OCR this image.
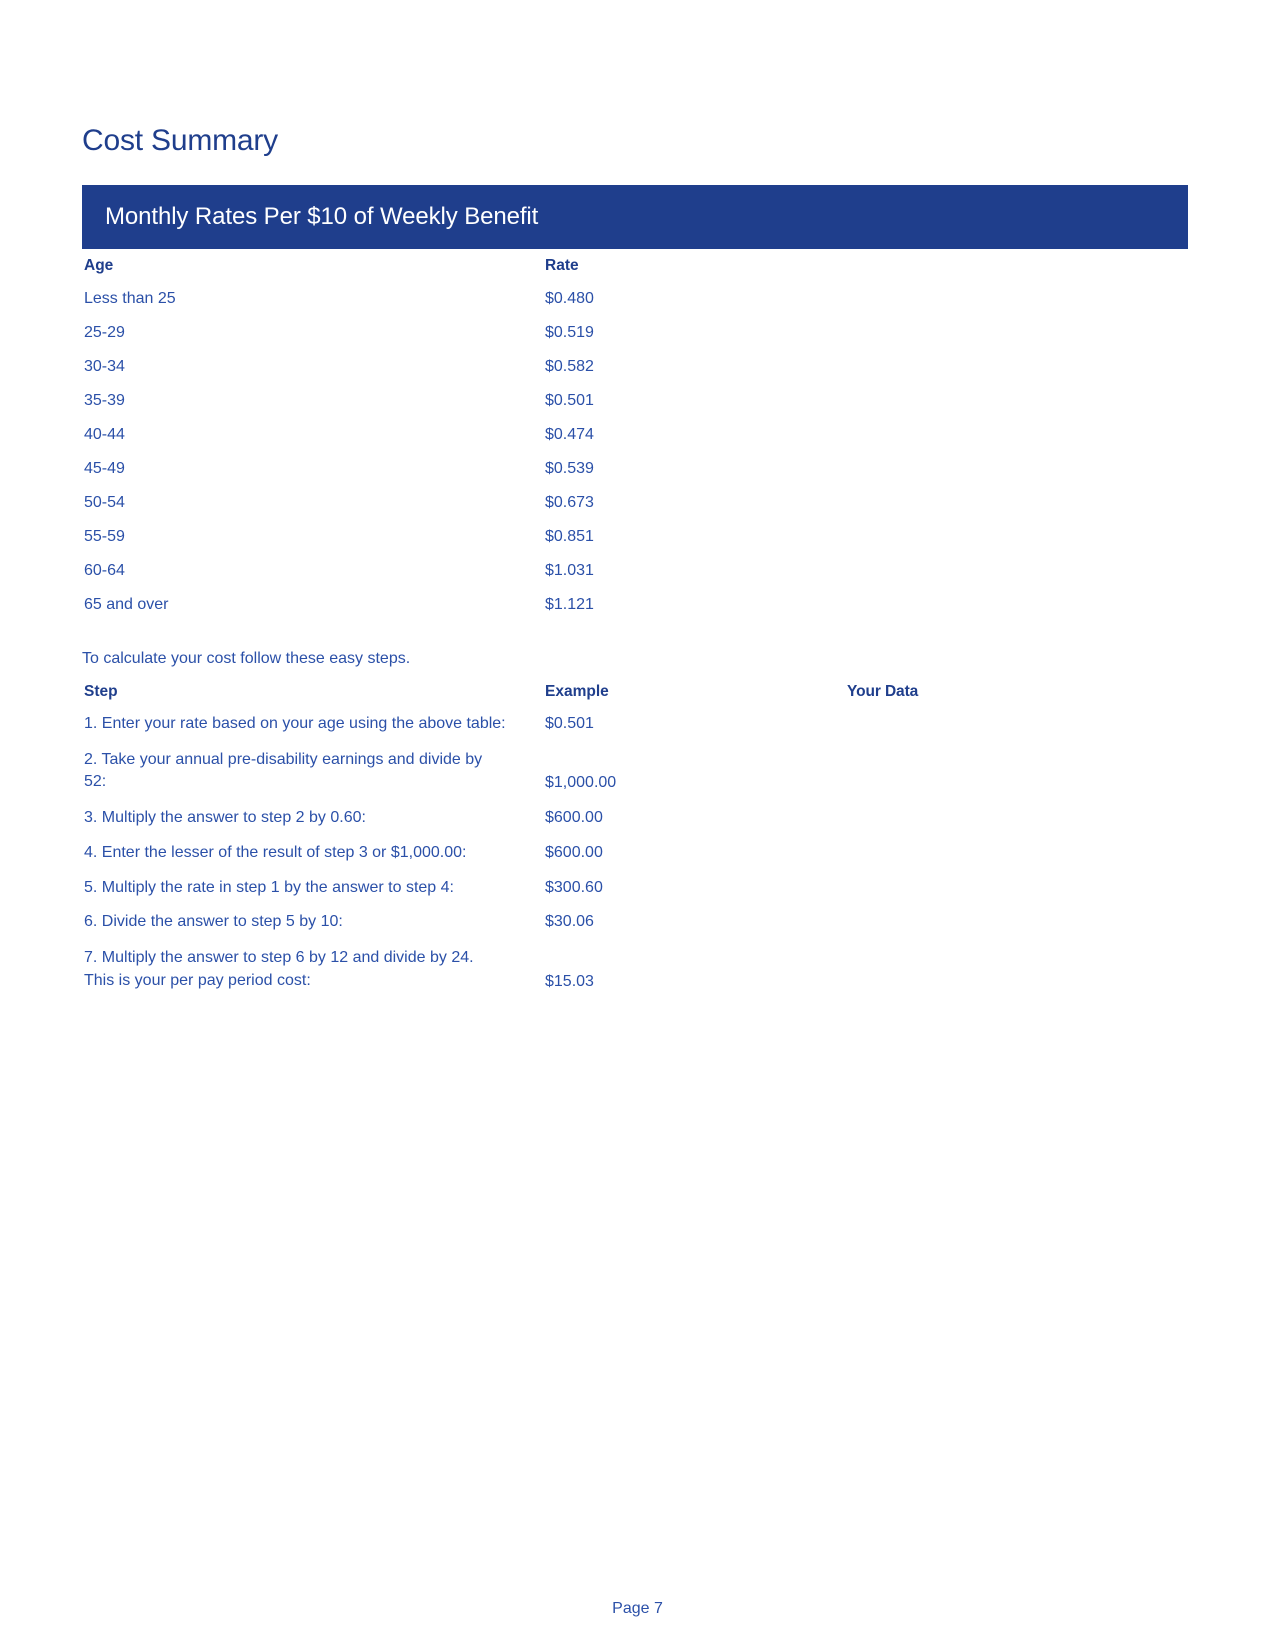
Cost Summary
Monthly Rates Per $10 of Weekly Benefit
Age	Rate
Less than 25	$0.480
25-29	$0.519
30-34	$0.582
35-39	$0.501
40-44	$0.474
45-49	$0.539
50-54	$0.673
55-59	$0.851
60-64	$1.031
65 and over	$1.121
To calculate your cost follow these easy steps.
Step	Example	Your Data

1. Enter your rate based on your age using the above table:	$0.501	

2. Take your annual pre-disability earnings and divide by
52:	$1,000.00	

3. Multiply the answer to step 2 by 0.60:	$600.00	

4. Enter the lesser of the result of step 3 or $1,000.00:	$600.00	

5. Multiply the rate in step 1 by the answer to step 4:	$300.60	

6. Divide the answer to step 5 by 10:	$30.06	

7. Multiply the answer to step 6 by 12 and divide by 24.
This is your per pay period cost:	$15.03	
Page 7
